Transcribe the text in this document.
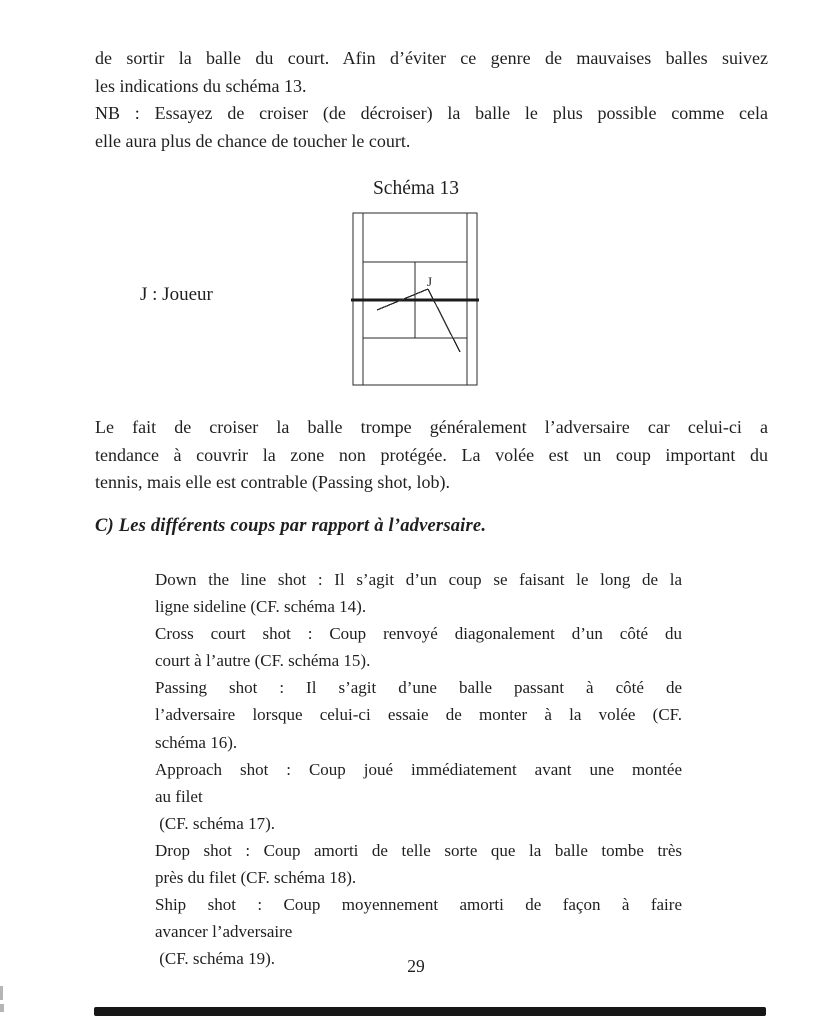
de sortir la balle du court. Afin d’éviter ce genre de mauvaises balles suivez
les indications du schéma 13.
NB : Essayez de croiser (de décroiser) la balle le plus possible comme cela
elle aura plus de chance de toucher le court.
Schéma 13
J : Joueur
J
Le fait de croiser la balle trompe généralement l’adversaire car celui-ci a
tendance à couvrir la zone non protégée. La volée est un coup important du
tennis, mais elle est contrable (Passing shot, lob).
C) Les différents coups par rapport à l’adversaire.
Down the line shot : Il s’agit d’un coup se faisant le long de la
ligne sideline (CF. schéma 14).
Cross court shot : Coup renvoyé diagonalement d’un côté du
court à l’autre (CF. schéma 15).
Passing shot : Il s’agit d’une balle passant à côté de
l’adversaire lorsque celui-ci essaie de monter à la volée (CF.
schéma 16).
Approach shot : Coup joué immédiatement avant une montée
au filet
(CF. schéma 17).
Drop shot : Coup amorti de telle sorte que la balle tombe très
près du filet (CF. schéma 18).
Ship shot : Coup moyennement amorti de façon à faire
avancer l’adversaire
(CF. schéma 19).	29
